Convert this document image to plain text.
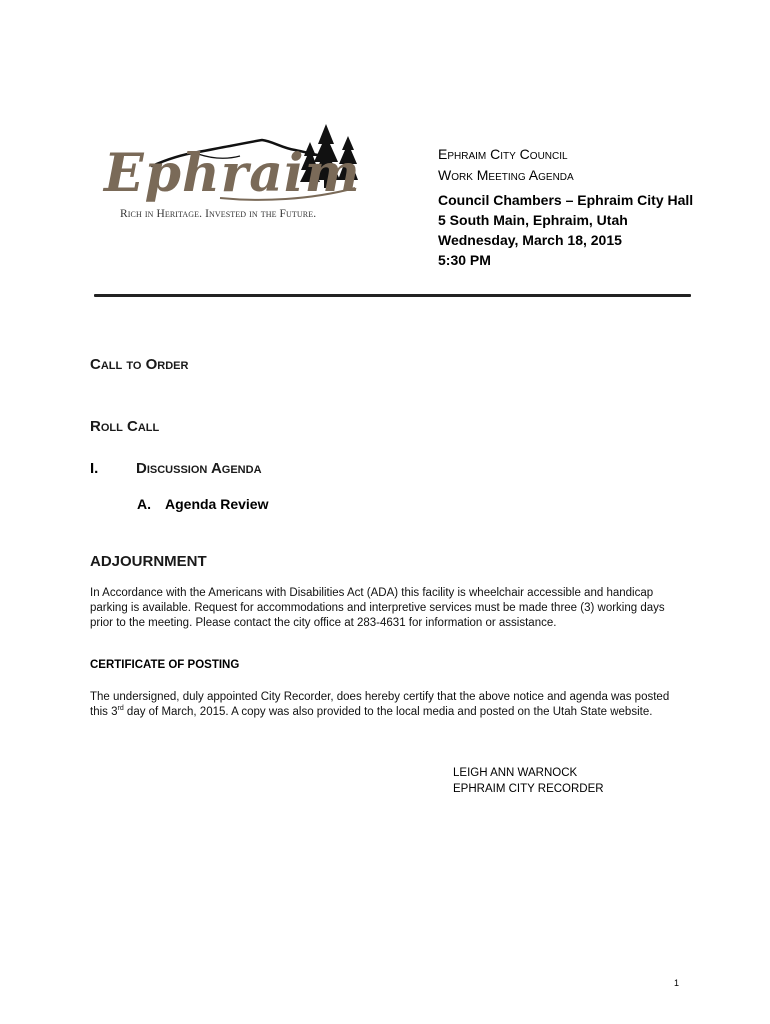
Ephraim
Rich in Heritage. Invested in the Future.
Ephraim City Council
Work Meeting Agenda
Council Chambers – Ephraim City Hall
5 South Main, Ephraim, Utah
Wednesday, March 18, 2015
5:30 PM
Call to Order
Roll Call
I.	Discussion Agenda
A. Agenda Review
ADJOURNMENT
In Accordance with the Americans with Disabilities Act (ADA) this facility is wheelchair accessible and handicap parking is available. Request for accommodations and interpretive services must be made three (3) working days prior to the meeting. Please contact the city office at 283-4631 for information or assistance.
CERTIFICATE OF POSTING
The undersigned, duly appointed City Recorder, does hereby certify that the above notice and agenda was posted this 3rd day of March, 2015. A copy was also provided to the local media and posted on the Utah State website.
LEIGH ANN WARNOCK
EPHRAIM CITY RECORDER
1
